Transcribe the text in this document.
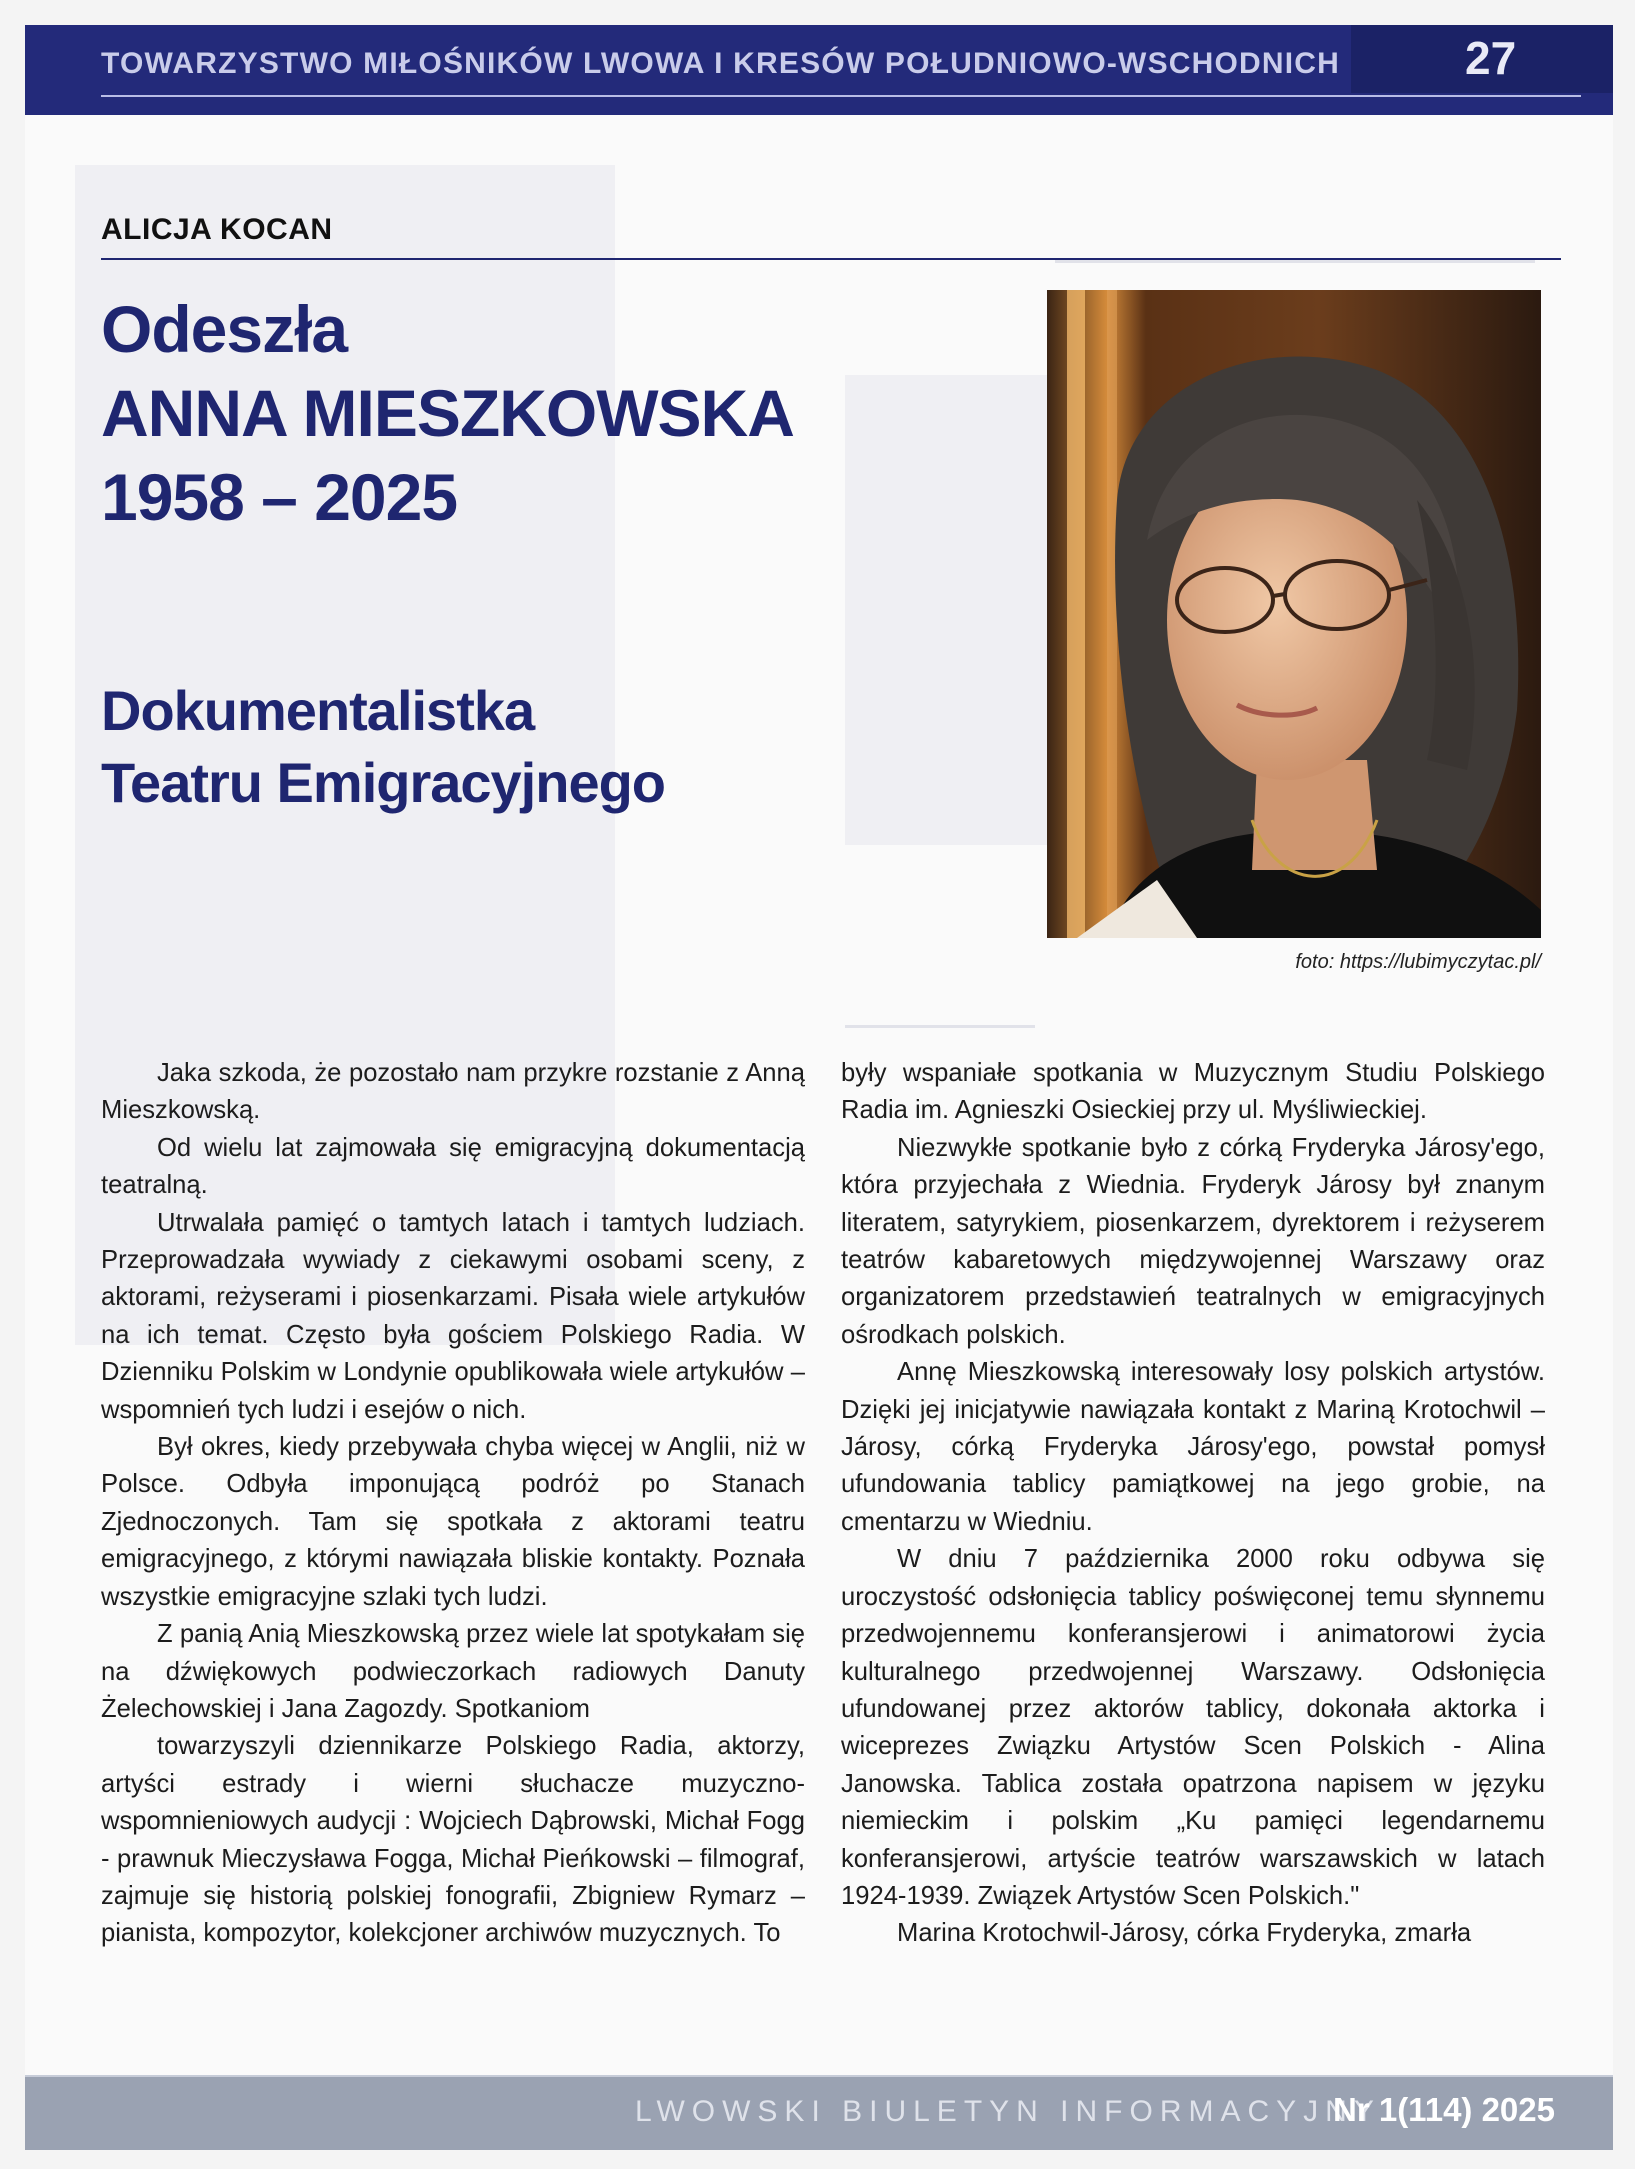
TOWARZYSTWO MIŁOŚNIKÓW LWOWA I KRESÓW POŁUDNIOWO-WSCHODNICH	27
ALICJA KOCAN
Odeszła
ANNA MIESZKOWSKA
1958 – 2025
Dokumentalistka
Teatru Emigracyjnego
foto: https://lubimyczytac.pl/

Jaka szkoda, że pozostało nam przykre rozstanie z Anną Mieszkowską.

Od wielu lat zajmowała się emigracyjną dokumentacją teatralną.

Utrwalała pamięć o tamtych latach i tamtych ludziach. Przeprowadzała wywiady z ciekawymi osobami sceny, z aktorami, reżyserami i piosenkarzami. Pisała wiele artykułów na ich temat. Często była gościem Polskiego Radia. W Dzienniku Polskim w Londynie opublikowała wiele artykułów – wspomnień tych ludzi i esejów o nich.

Był okres, kiedy przebywała chyba więcej w Anglii, niż w Polsce. Odbyła imponującą podróż po Stanach Zjednoczonych. Tam się spotkała z aktorami teatru emigracyjnego, z którymi nawiązała bliskie kontakty. Poznała wszystkie emigracyjne szlaki tych ludzi.

Z panią Anią Mieszkowską przez wiele lat spotykałam się na dźwiękowych podwieczorkach radiowych Danuty Żelechowskiej i Jana Zagozdy. Spotkaniom

towarzyszyli dziennikarze Polskiego Radia, aktorzy, artyści estrady i wierni słuchacze muzyczno-wspomnieniowych audycji : Wojciech Dąbrowski, Michał Fogg - prawnuk Mieczysława Fogga, Michał Pieńkowski – filmograf, zajmuje się historią polskiej fonografii, Zbigniew Rymarz – pianista, kompozytor, kolekcjoner archiwów muzycznych. To

były wspaniałe spotkania w Muzycznym Studiu Polskiego Radia im. Agnieszki Osieckiej przy ul. Myśliwieckiej.

Niezwykłe spotkanie było z córką Fryderyka Járosy'ego, która przyjechała z Wiednia. Fryderyk Járosy był znanym literatem, satyrykiem, piosenkarzem, dyrektorem i reżyserem teatrów kabaretowych międzywojennej Warszawy oraz organizatorem przedstawień teatralnych w emigracyjnych ośrodkach polskich.

Annę Mieszkowską interesowały losy polskich artystów. Dzięki jej inicjatywie nawiązała kontakt z Mariną Krotochwil – Járosy, córką Fryderyka Járosy'ego, powstał pomysł ufundowania tablicy pamiątkowej na jego grobie, na cmentarzu w Wiedniu.

W dniu 7 października 2000 roku odbywa się uroczystość odsłonięcia tablicy poświęconej temu słynnemu przedwojennemu konferansjerowi i animatorowi życia kulturalnego przedwojennej Warszawy. Odsłonięcia ufundowanej przez aktorów tablicy, dokonała aktorka i wiceprezes Związku Artystów Scen Polskich - Alina Janowska. Tablica została opatrzona napisem w języku niemieckim i polskim „Ku pamięci legendarnemu konferansjerowi, artyście teatrów warszawskich w latach 1924-1939. Związek Artystów Scen Polskich."

Marina Krotochwil-Járosy, córka Fryderyka, zmarła

LWOWSKI BIULETYN INFORMACYJNY
Nr 1(114) 2025
